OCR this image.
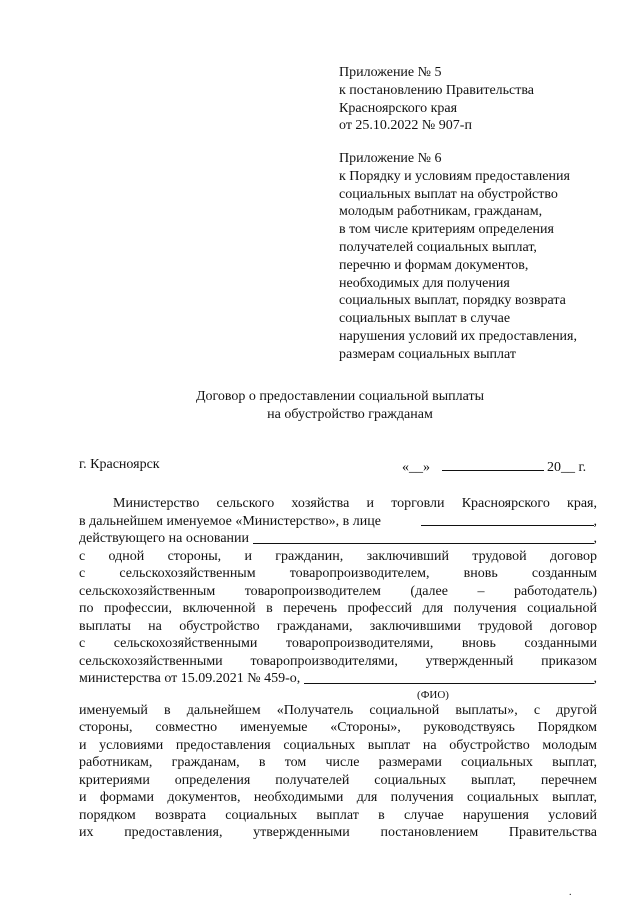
Приложение № 5
к постановлению Правительства
Красноярского края
от 25.10.2022 № 907-п
Приложение № 6
к Порядку и условиям предоставления
социальных выплат на обустройство
молодым работникам, гражданам,
в том числе критериям определения
получателей социальных выплат,
перечню и формам документов,
необходимых для получения
социальных выплат, порядку возврата
социальных выплат в случае
нарушения условий их предоставления,
размерам социальных выплат
Договор о предоставлении социальной выплаты
на обустройство гражданам
г. Красноярск	«__»	20__ г.
Министерство сельского хозяйства и торговли Красноярского края,
в дальнейшем именуемое «Министерство», в лице	,
действующего на основании	,
с одной стороны, и гражданин, заключивший трудовой договор
с сельскохозяйственным товаропроизводителем, вновь созданным
сельскохозяйственным товаропроизводителем (далее – работодатель)
по профессии, включенной в перечень профессий для получения социальной
выплаты на обустройство гражданами, заключившими трудовой договор
с сельскохозяйственными товаропроизводителями, вновь созданными
сельскохозяйственными товаропроизводителями, утвержденный приказом
министерства от 15.09.2021 № 459-о,	,
(ФИО)
именуемый в дальнейшем «Получатель социальной выплаты», с другой
стороны, совместно именуемые «Стороны», руководствуясь Порядком
и условиями предоставления социальных выплат на обустройство молодым
работникам, гражданам, в том числе размерами социальных выплат,
критериями определения получателей социальных выплат, перечнем
и формами документов, необходимыми для получения социальных выплат,
порядком возврата социальных выплат в случае нарушения условий
их предоставления, утвержденными постановлением Правительства
.
